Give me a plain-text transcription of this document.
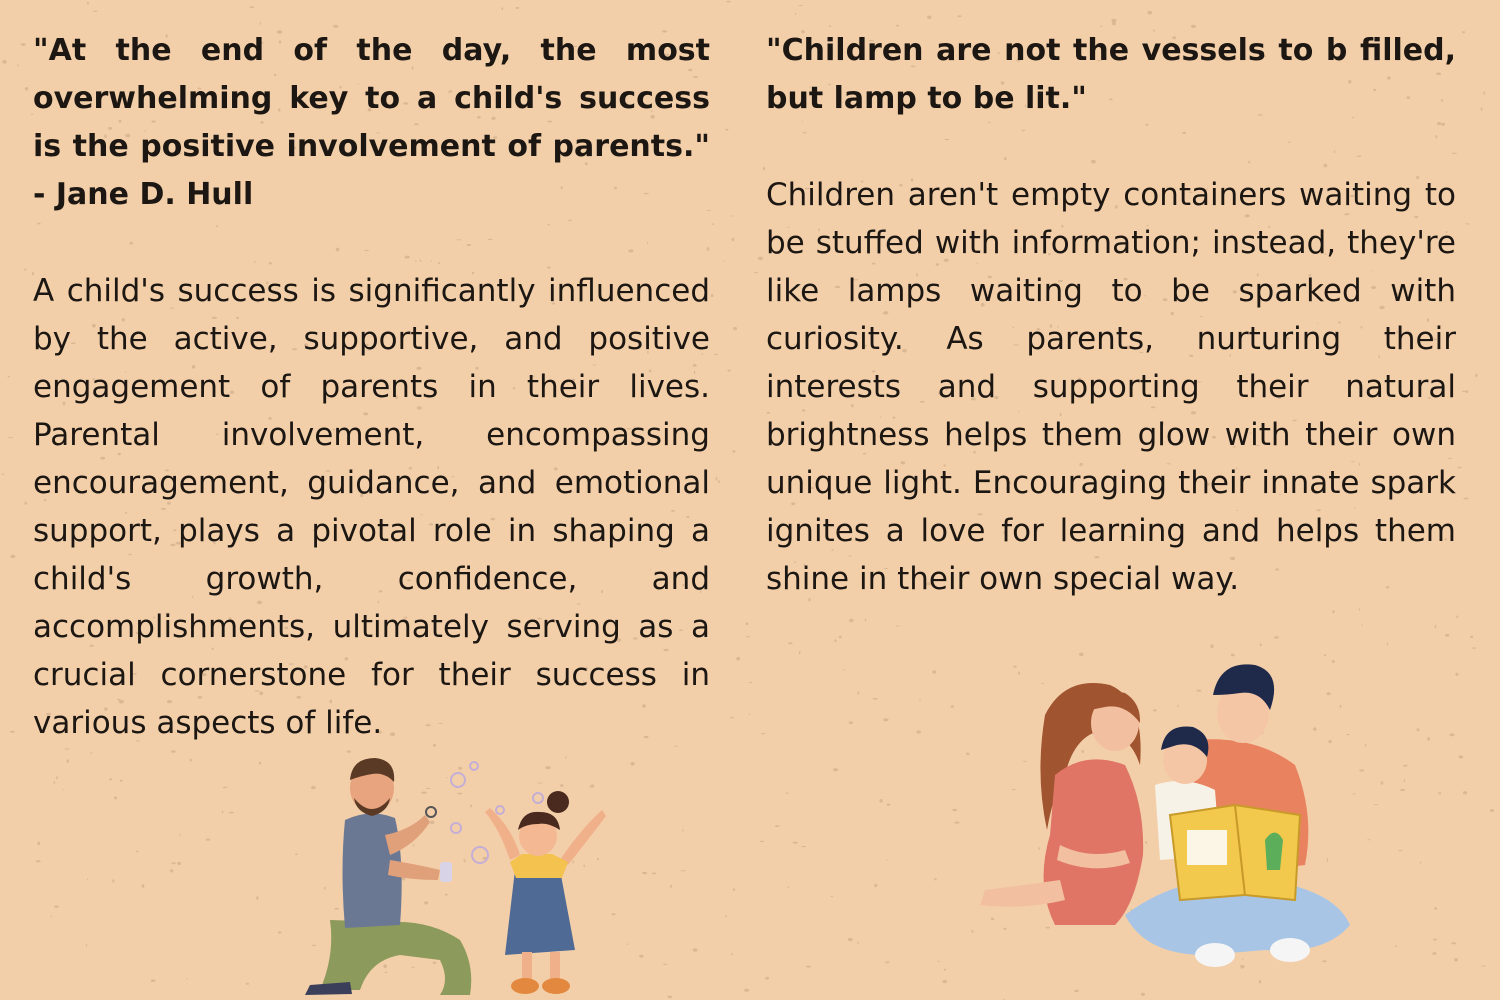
"At the end of the day, the most overwhelming key to a child's success is the positive involvement of parents." - Jane D. Hull

A child's success is significantly influenced by the active, supportive, and positive engagement of parents in their lives. Parental involvement, encompassing encouragement, guidance, and emotional support, plays a pivotal role in shaping a child's growth, confidence, and accomplishments, ultimately serving as a crucial cornerstone for their success in various aspects of life.

"Children are not the vessels to b filled, but lamp to be lit."

Children aren't empty containers waiting to be stuffed with information; instead, they're like lamps waiting to be sparked with curiosity. As parents, nurturing their interests and supporting their natural brightness helps them glow with their own unique light. Encouraging their innate spark ignites a love for learning and helps them shine in their own special way.
